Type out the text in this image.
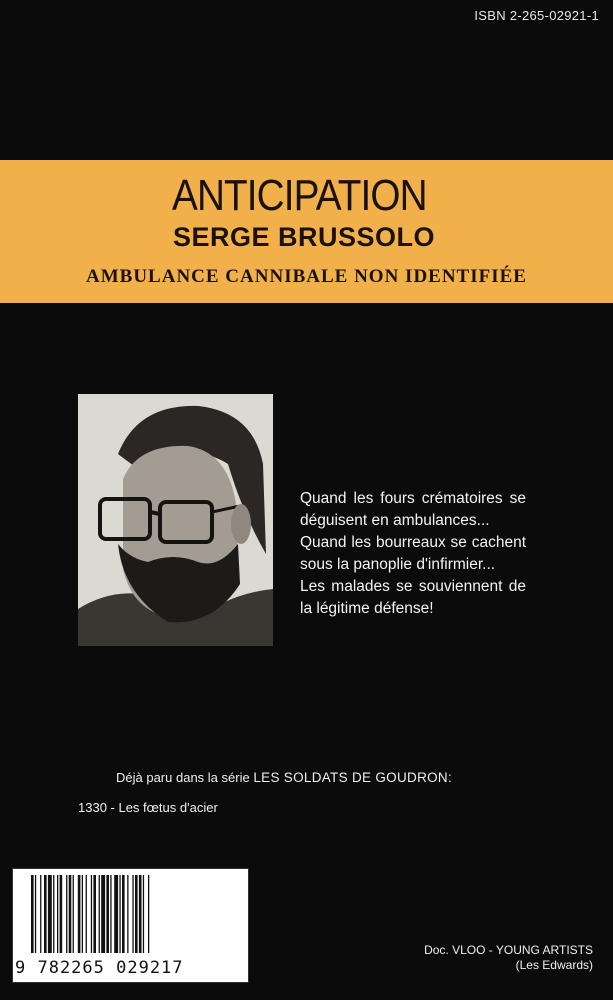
ISBN 2-265-02921-1
ANTICIPATION
SERGE BRUSSOLO
AMBULANCE CANNIBALE NON IDENTIFIÉE

Quand les fours crématoires se déguisent en ambulances...

Quand les bourreaux se cachent sous la panoplie d'infirmier...

Les malades se souviennent de la légitime défense!

Déjà paru dans la série LES SOLDATS DE GOUDRON:
1330 - Les fœtus d'acier
9 782265 029217
Doc. VLOO - YOUNG ARTISTS
(Les Edwards)
